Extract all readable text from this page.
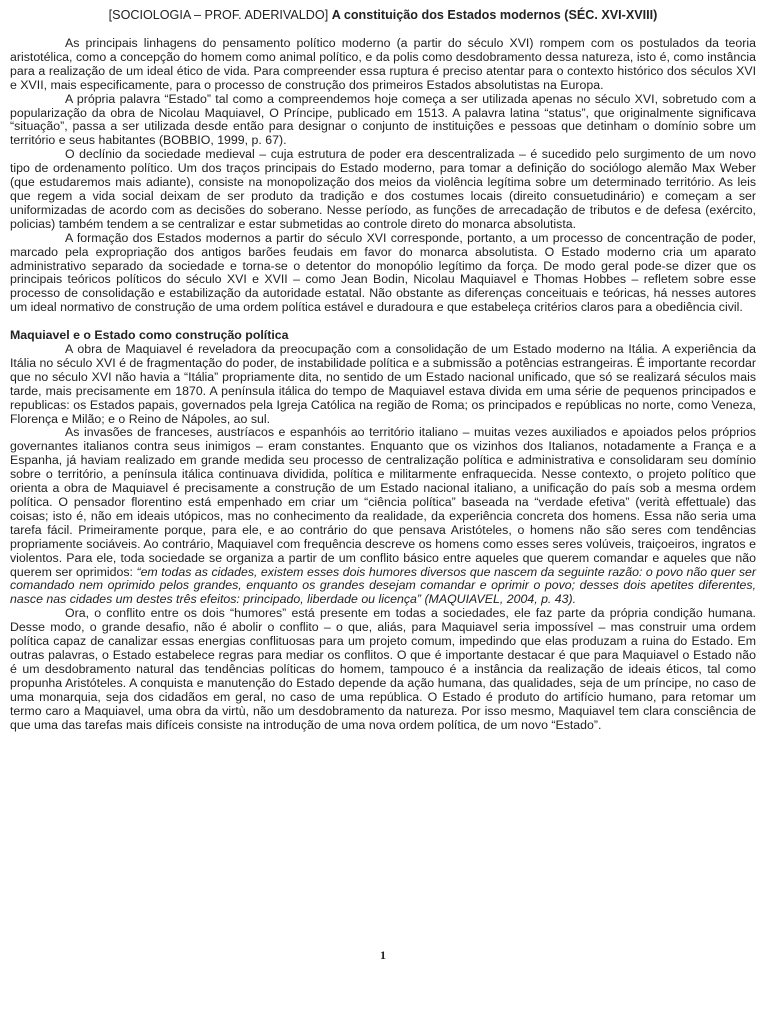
[SOCIOLOGIA – PROF. ADERIVALDO] A constituição dos Estados modernos (SÉC. XVI-XVIII)

As principais linhagens do pensamento político moderno (a partir do século XVI) rompem com os postulados da teoria aristotélica, como a concepção do homem como animal político, e da polis como desdobramento dessa natureza, isto é, como instância para a realização de um ideal ético de vida. Para compreender essa ruptura é preciso atentar para o contexto histórico dos séculos XVI e XVII, mais especificamente, para o processo de construção dos primeiros Estados absolutistas na Europa.

A própria palavra “Estado” tal como a compreendemos hoje começa a ser utilizada apenas no século XVI, sobretudo com a popularização da obra de Nicolau Maquiavel, O Príncipe, publicado em 1513. A palavra latina “status”, que originalmente significava “situação”, passa a ser utilizada desde então para designar o conjunto de instituições e pessoas que detinham o domínio sobre um território e seus habitantes (BOBBIO, 1999, p. 67).

O declínio da sociedade medieval – cuja estrutura de poder era descentralizada – é sucedido pelo surgimento de um novo tipo de ordenamento político. Um dos traços principais do Estado moderno, para tomar a definição do sociólogo alemão Max Weber (que estudaremos mais adiante), consiste na monopolização dos meios da violência legítima sobre um determinado território. As leis que regem a vida social deixam de ser produto da tradição e dos costumes locais (direito consuetudinário) e começam a ser uniformizadas de acordo com as decisões do soberano. Nesse período, as funções de arrecadação de tributos e de defesa (exército, policias) também tendem a se centralizar e estar submetidas ao controle direto do monarca absolutista.

A formação dos Estados modernos a partir do século XVI corresponde, portanto, a um processo de concentração de poder, marcado pela expropriação dos antigos barões feudais em favor do monarca absolutista. O Estado moderno cria um aparato administrativo separado da sociedade e torna-se o detentor do monopólio legítimo da força. De modo geral pode-se dizer que os principais teóricos políticos do século XVI e XVII – como Jean Bodin, Nicolau Maquiavel e Thomas Hobbes – refletem sobre esse processo de consolidação e estabilização da autoridade estatal. Não obstante as diferenças conceituais e teóricas, há nesses autores um ideal normativo de construção de uma ordem política estável e duradoura e que estabeleça critérios claros para a obediência civil.

Maquiavel e o Estado como construção política

A obra de Maquiavel é reveladora da preocupação com a consolidação de um Estado moderno na Itália. A experiência da Itália no século XVI é de fragmentação do poder, de instabilidade política e a submissão a potências estrangeiras. É importante recordar que no século XVI não havia a “Itália” propriamente dita, no sentido de um Estado nacional unificado, que só se realizará séculos mais tarde, mais precisamente em 1870. A península itálica do tempo de Maquiavel estava divida em uma série de pequenos principados e republicas: os Estados papais, governados pela Igreja Católica na região de Roma; os principados e repúblicas no norte, como Veneza, Florença e Milão; e o Reino de Nápoles, ao sul.

As invasões de franceses, austríacos e espanhóis ao território italiano – muitas vezes auxiliados e apoiados pelos próprios governantes italianos contra seus inimigos – eram constantes. Enquanto que os vizinhos dos Italianos, notadamente a França e a Espanha, já haviam realizado em grande medida seu processo de centralização política e administrativa e consolidaram seu domínio sobre o território, a península itálica continuava dividida, política e militarmente enfraquecida. Nesse contexto, o projeto político que orienta a obra de Maquiavel é precisamente a construção de um Estado nacional italiano, a unificação do país sob a mesma ordem política. O pensador florentino está empenhado em criar um “ciência política” baseada na “verdade efetiva” (verità effettuale) das coisas; isto é, não em ideais utópicos, mas no conhecimento da realidade, da experiência concreta dos homens. Essa não seria uma tarefa fácil. Primeiramente porque, para ele, e ao contrário do que pensava Aristóteles, o homens não são seres com tendências propriamente sociáveis. Ao contrário, Maquiavel com frequência descreve os homens como esses seres volúveis, traiçoeiros, ingratos e violentos. Para ele, toda sociedade se organiza a partir de um conflito básico entre aqueles que querem comandar e aqueles que não querem ser oprimidos: “em todas as cidades, existem esses dois humores diversos que nascem da seguinte razão: o povo não quer ser comandado nem oprimido pelos grandes, enquanto os grandes desejam comandar e oprimir o povo; desses dois apetites diferentes, nasce nas cidades um destes três efeitos: principado, liberdade ou licença” (MAQUIAVEL, 2004, p. 43).

Ora, o conflito entre os dois “humores” está presente em todas a sociedades, ele faz parte da própria condição humana. Desse modo, o grande desafio, não é abolir o conflito – o que, aliás, para Maquiavel seria impossível – mas construir uma ordem política capaz de canalizar essas energias conflituosas para um projeto comum, impedindo que elas produzam a ruina do Estado. Em outras palavras, o Estado estabelece regras para mediar os conflitos. O que é importante destacar é que para Maquiavel o Estado não é um desdobramento natural das tendências políticas do homem, tampouco é a instância da realização de ideais éticos, tal como propunha Aristóteles. A conquista e manutenção do Estado depende da ação humana, das qualidades, seja de um príncipe, no caso de uma monarquia, seja dos cidadãos em geral, no caso de uma república. O Estado é produto do artifício humano, para retomar um termo caro a Maquiavel, uma obra da virtù, não um desdobramento da natureza. Por isso mesmo, Maquiavel tem clara consciência de que uma das tarefas mais difíceis consiste na introdução de uma nova ordem política, de um novo “Estado”.

1
